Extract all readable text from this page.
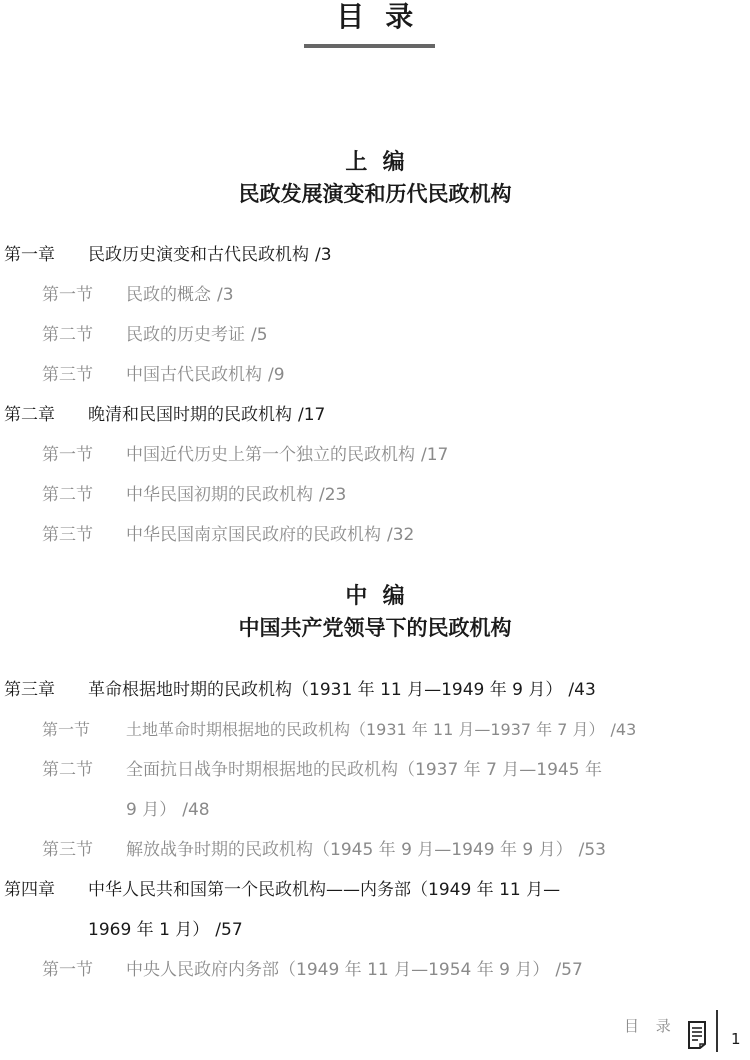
目  录
上  编
民政发展演变和历代民政机构
第一章 民政历史演变和古代民政机构 /3
第一节 民政的概念 /3
第二节 民政的历史考证 /5
第三节 中国古代民政机构 /9
第二章 晚清和民国时期的民政机构 /17
第一节 中国近代历史上第一个独立的民政机构 /17
第二节 中华民国初期的民政机构 /23
第三节 中华民国南京国民政府的民政机构 /32
中  编
中国共产党领导下的民政机构
第三章 革命根据地时期的民政机构（1931 年 11 月—1949 年 9 月） /43
第一节 土地革命时期根据地的民政机构（1931 年 11 月—1937 年 7 月） /43
第二节 全面抗日战争时期根据地的民政机构（1937 年 7 月—1945 年
9 月） /48
第三节 解放战争时期的民政机构（1945 年 9 月—1949 年 9 月） /53
第四章 中华人民共和国第一个民政机构——内务部（1949 年 11 月—
1969 年 1 月） /57
第一节 中央人民政府内务部（1949 年 11 月—1954 年 9 月） /57
目 录
1
